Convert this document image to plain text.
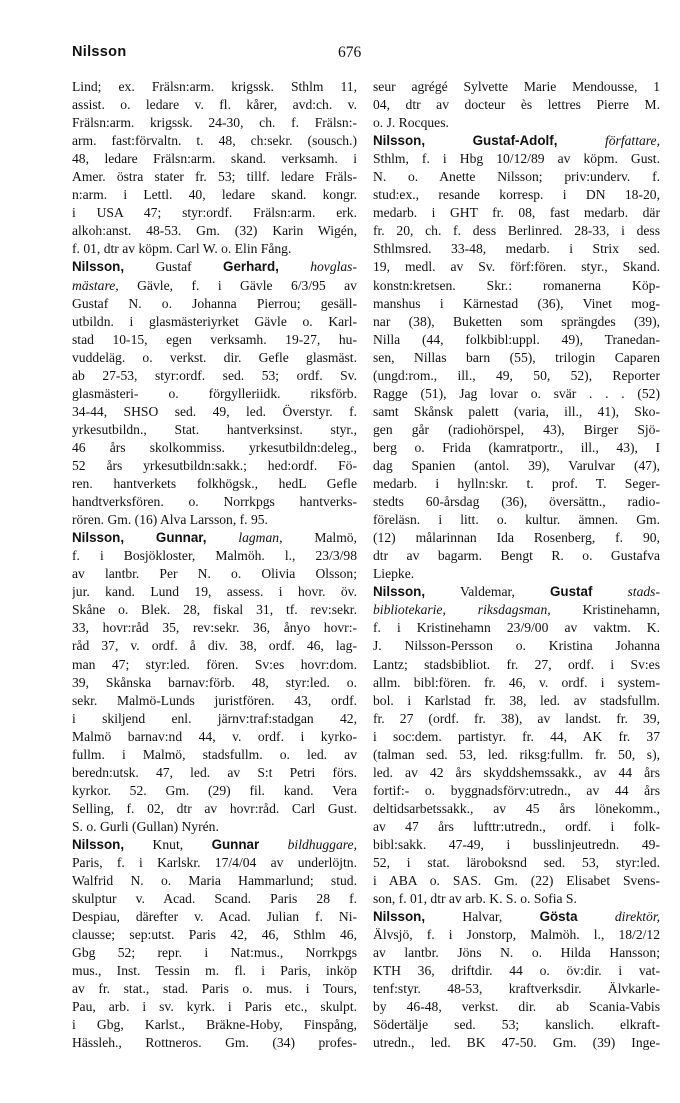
Nilsson	676
Lind; ex. Frälsn:arm. krigssk. Sthlm 11,
assist. o. ledare v. fl. kårer, avd:ch. v.
Frälsn:arm. krigssk. 24-30, ch. f. Frälsn:-
arm. fast:förvaltn. t. 48, ch:sekr. (sousch.)
48, ledare Frälsn:arm. skand. verksamh. i
Amer. östra stater fr. 53; tillf. ledare Fräls-
n:arm. i Lettl. 40, ledare skand. kongr.
i USA 47; styr:ordf. Frälsn:arm. erk.
alkoh:anst. 48-53. Gm. (32) Karin Wigén,
f. 01, dtr av köpm. Carl W. o. Elin Fång.
Nilsson, Gustaf Gerhard, hovglas-
mästare, Gävle, f. i Gävle 6/3/95 av
Gustaf N. o. Johanna Pierrou; gesäll-
utbildn. i glasmästeriyrket Gävle o. Karl-
stad 10-15, egen verksamh. 19-27, hu-
vuddeläg. o. verkst. dir. Gefle glasmäst.
ab 27-53, styr:ordf. sed. 53; ordf. Sv.
glasmästeri- o. förgylleriidk. riksförb.
34-44, SHSO sed. 49, led. Överstyr. f.
yrkesutbildn., Stat. hantverksinst. styr.,
46 års skolkommiss. yrkesutbildn:deleg.,
52 års yrkesutbildn:sakk.; hed:ordf. Fö-
ren. hantverkets folkhögsk., hedL Gefle
handtverksfören. o. Norrkpgs hantverks-
rören. Gm. (16) Alva Larsson, f. 95.
Nilsson, Gunnar, lagman, Malmö,
f. i Bosjökloster, Malmöh. l., 23/3/98
av lantbr. Per N. o. Olivia Olsson;
jur. kand. Lund 19, assess. i hovr. öv.
Skåne o. Blek. 28, fiskal 31, tf. rev:sekr.
33, hovr:råd 35, rev:sekr. 36, ånyo hovr:-
råd 37, v. ordf. å div. 38, ordf. 46, lag-
man 47; styr:led. fören. Sv:es hovr:dom.
39, Skånska barnav:förb. 48, styr:led. o.
sekr. Malmö-Lunds juristfören. 43, ordf.
i skiljend enl. järnv:traf:stadgan 42,
Malmö barnav:nd 44, v. ordf. i kyrko-
fullm. i Malmö, stadsfullm. o. led. av
beredn:utsk. 47, led. av S:t Petri förs.
kyrkor. 52. Gm. (29) fil. kand. Vera
Selling, f. 02, dtr av hovr:råd. Carl Gust.
S. o. Gurli (Gullan) Nyrén.
Nilsson, Knut, Gunnar bildhuggare,
Paris, f. i Karlskr. 17/4/04 av underlöjtn.
Walfrid N. o. Maria Hammarlund; stud.
skulptur v. Acad. Scand. Paris 28 f.
Despiau, därefter v. Acad. Julian f. Ni-
clausse; sep:utst. Paris 42, 46, Sthlm 46,
Gbg 52; repr. i Nat:mus., Norrkpgs
mus., Inst. Tessin m. fl. i Paris, inköp
av fr. stat., stad. Paris o. mus. i Tours,
Pau, arb. i sv. kyrk. i Paris etc., skulpt.
i Gbg, Karlst., Bräkne-Hoby, Finspång,
Hässleh., Rottneros. Gm. (34) profes-
seur agrégé Sylvette Marie Mendousse, 1
04, dtr av docteur ès lettres Pierre M.
o. J. Rocques.
Nilsson,	Gustaf-Adolf,	författare,
Sthlm, f. i Hbg 10/12/89 av köpm. Gust.
N. o. Anette Nilsson; priv:underv. f.
stud:ex., resande korresp. i DN 18-20,
medarb. i GHT fr. 08, fast medarb. där
fr. 20, ch. f. dess Berlinred. 28-33, i dess
Sthlmsred. 33-48, medarb. i Strix sed.
19, medl. av Sv. förf:fören. styr., Skand.
konstn:kretsen. Skr.: romanerna Köp-
manshus i Kärnestad (36), Vinet mog-
nar (38), Buketten som sprängdes (39),
Nilla (44, folkbibl:uppl. 49), Tranedan-
sen, Nillas barn (55), trilogin Caparen
(ungd:rom., ill., 49, 50, 52), Reporter
Ragge (51), Jag lovar o. svär . . . (52)
samt Skånsk palett (varia, ill., 41), Sko-
gen går (radiohörspel, 43), Birger Sjö-
berg o. Frida (kamratportr., ill., 43), I
dag Spanien (antol. 39), Varulvar (47),
medarb. i hylln:skr. t. prof. T. Seger-
stedts 60-årsdag (36), översättn., radio-
föreläsn. i litt. o. kultur. ämnen. Gm.
(12) målarinnan Ida Rosenberg, f. 90,
dtr av bagarm. Bengt R. o. Gustafva
Liepke.
Nilsson,	Valdemar,	Gustaf	stads-
bibliotekarie, riksdagsman, Kristinehamn,
f. i Kristinehamn 23/9/00 av vaktm. K.
J. Nilsson-Persson o. Kristina Johanna
Lantz; stadsbibliot. fr. 27, ordf. i Sv:es
allm. bibl:fören. fr. 46, v. ordf. i system-
bol. i Karlstad fr. 38, led. av stadsfullm.
fr. 27 (ordf. fr. 38), av landst. fr. 39,
i soc:dem. partistyr. fr. 44, AK fr. 37
(talman sed. 53, led. riksg:fullm. fr. 50, s),
led. av 42 års skyddshemssakk., av 44 års
fortif:- o. byggnadsförv:utredn., av 44 års
deltidsarbetssakk., av 45 års lönekomm.,
av 47 års lufttr:utredn., ordf. i folk-
bibl:sakk. 47-49, i busslinjeutredn. 49-
52, i stat. läroboksnd sed. 53, styr:led.
i ABA o. SAS. Gm. (22) Elisabet Svens-
son, f. 01, dtr av arb. K. S. o. Sofia S.
Nilsson,	Halvar,	Gösta	direktör,
Älvsjö, f. i Jonstorp, Malmöh. l., 18/2/12
av lantbr. Jöns N. o. Hilda Hansson;
KTH 36, driftdir. 44 o. öv:dir. i vat-
tenf:styr. 48-53, kraftverksdir. Älvkarle-
by 46-48, verkst. dir. ab Scania-Vabis
Södertälje sed. 53; kanslich. elkraft-
utredn., led. BK 47-50. Gm. (39) Inge-
